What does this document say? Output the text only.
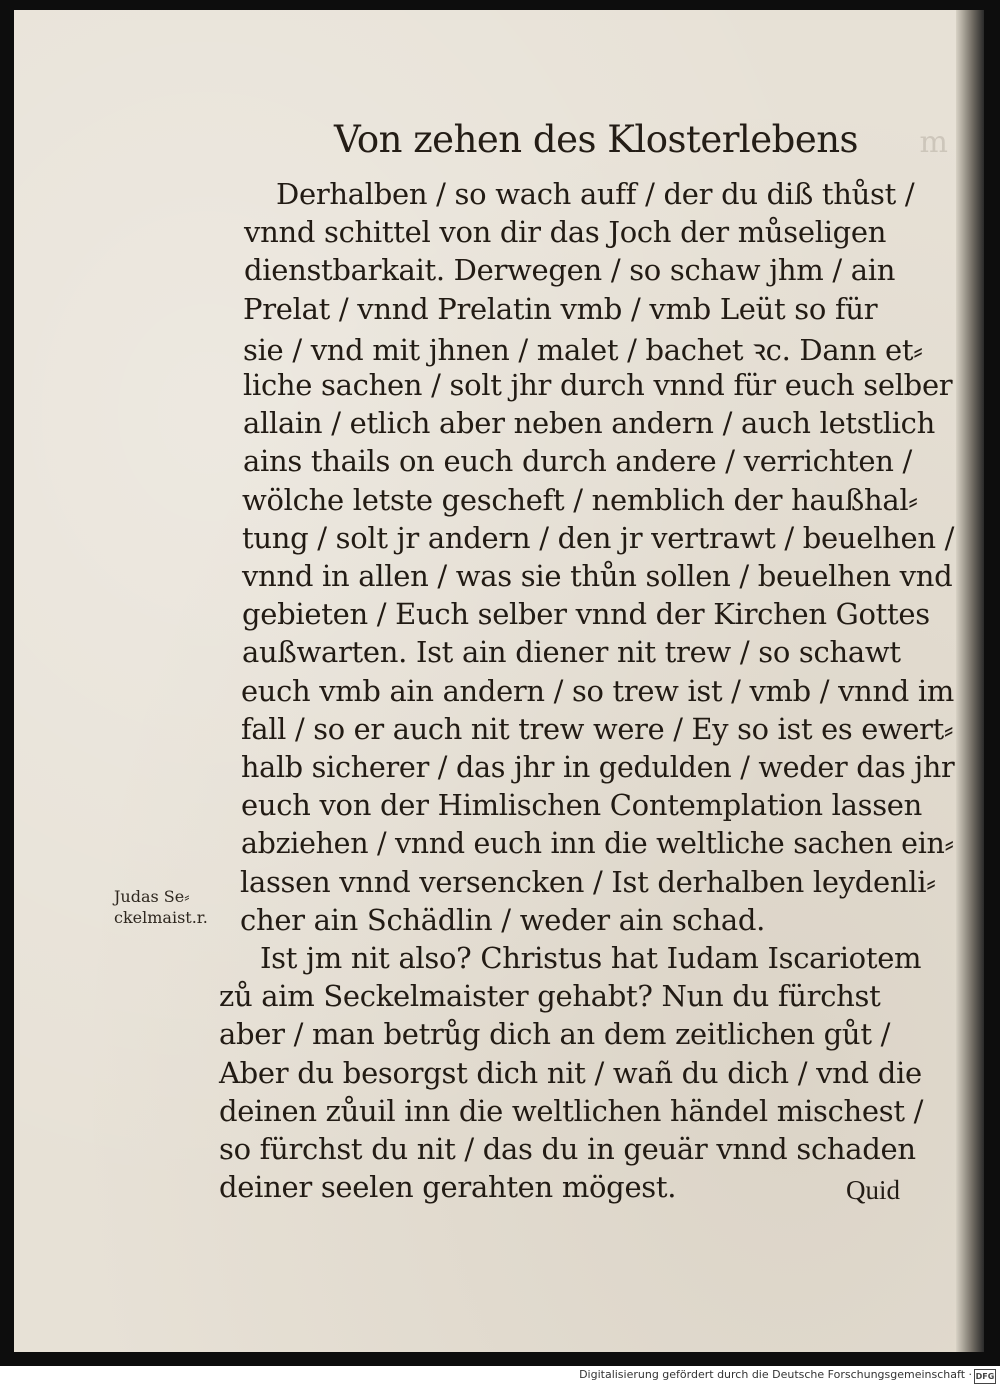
m
Von zehen des Klosterlebens
Derhalben / so wach auff / der du diß thůst /
vnnd schittel von dir das Joch der můseligen
dienstbarkait. Derwegen / so schaw jhm / ain
Prelat / vnnd Prelatin vmb / vmb Leüt so für
sie / vnd mit jhnen / malet / bachet ꝛc. Dann et⸗
liche sachen / solt jhr durch vnnd für euch selber
allain / etlich aber neben andern / auch letstlich
ains thails on euch durch andere / verrichten /
wölche letste gescheft / nemblich der haußhal⸗
tung / solt jr andern / den jr vertrawt / beuelhen /
vnnd in allen / was sie thůn sollen / beuelhen vnd
gebieten / Euch selber vnnd der Kirchen Gottes
außwarten. Ist ain diener nit trew / so schawt
euch vmb ain andern / so trew ist / vmb / vnnd im
fall / so er auch nit trew were / Ey so ist es ewert⸗
halb sicherer / das jhr in gedulden / weder das jhr
euch von der Himlischen Contemplation lassen
abziehen / vnnd euch inn die weltliche sachen ein⸗
lassen vnnd versencken / Ist derhalben leydenli⸗
cher ain Schädlin / weder ain schad.
Ist jm nit also? Christus hat Iudam Iscariotem
zů aim Seckelmaister gehabt? Nun du fürchst
aber / man betrůg dich an dem zeitlichen gůt /
Aber du besorgst dich nit / wañ du dich / vnd die
deinen zůuil inn die weltlichen händel mischest /
so fürchst du nit / das du in geuär vnnd schaden
deiner seelen gerahten mögest.
Judas Se⸗
ckelmaist.r.
Quid
Digitalisierung gefördert durch die Deutsche Forschungsgemeinschaft · DFG
